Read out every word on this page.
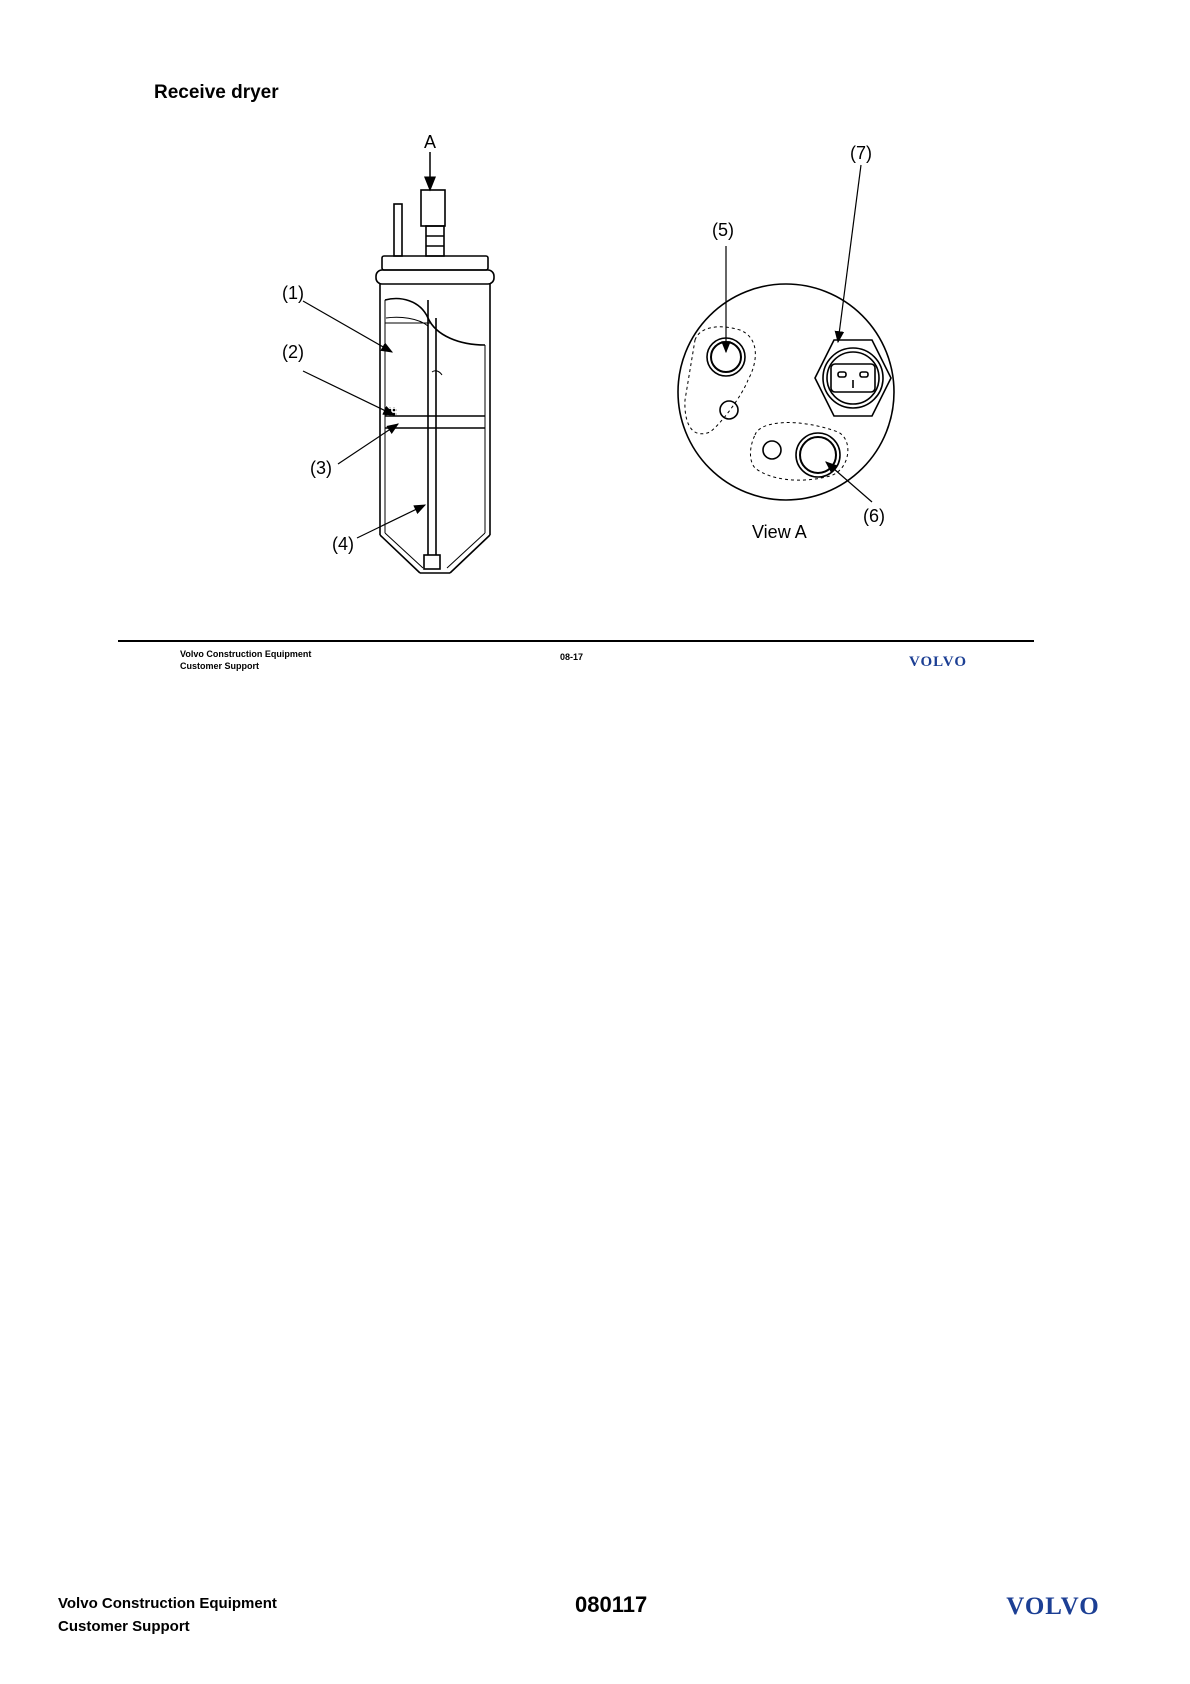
Receive dryer
A
(1)
(2)
(3)
(4)
(5)
(7)
(6)
View A
Volvo Construction Equipment
Customer Support
08-17	VOLVO
Volvo Construction Equipment
Customer Support
080117	VOLVO
